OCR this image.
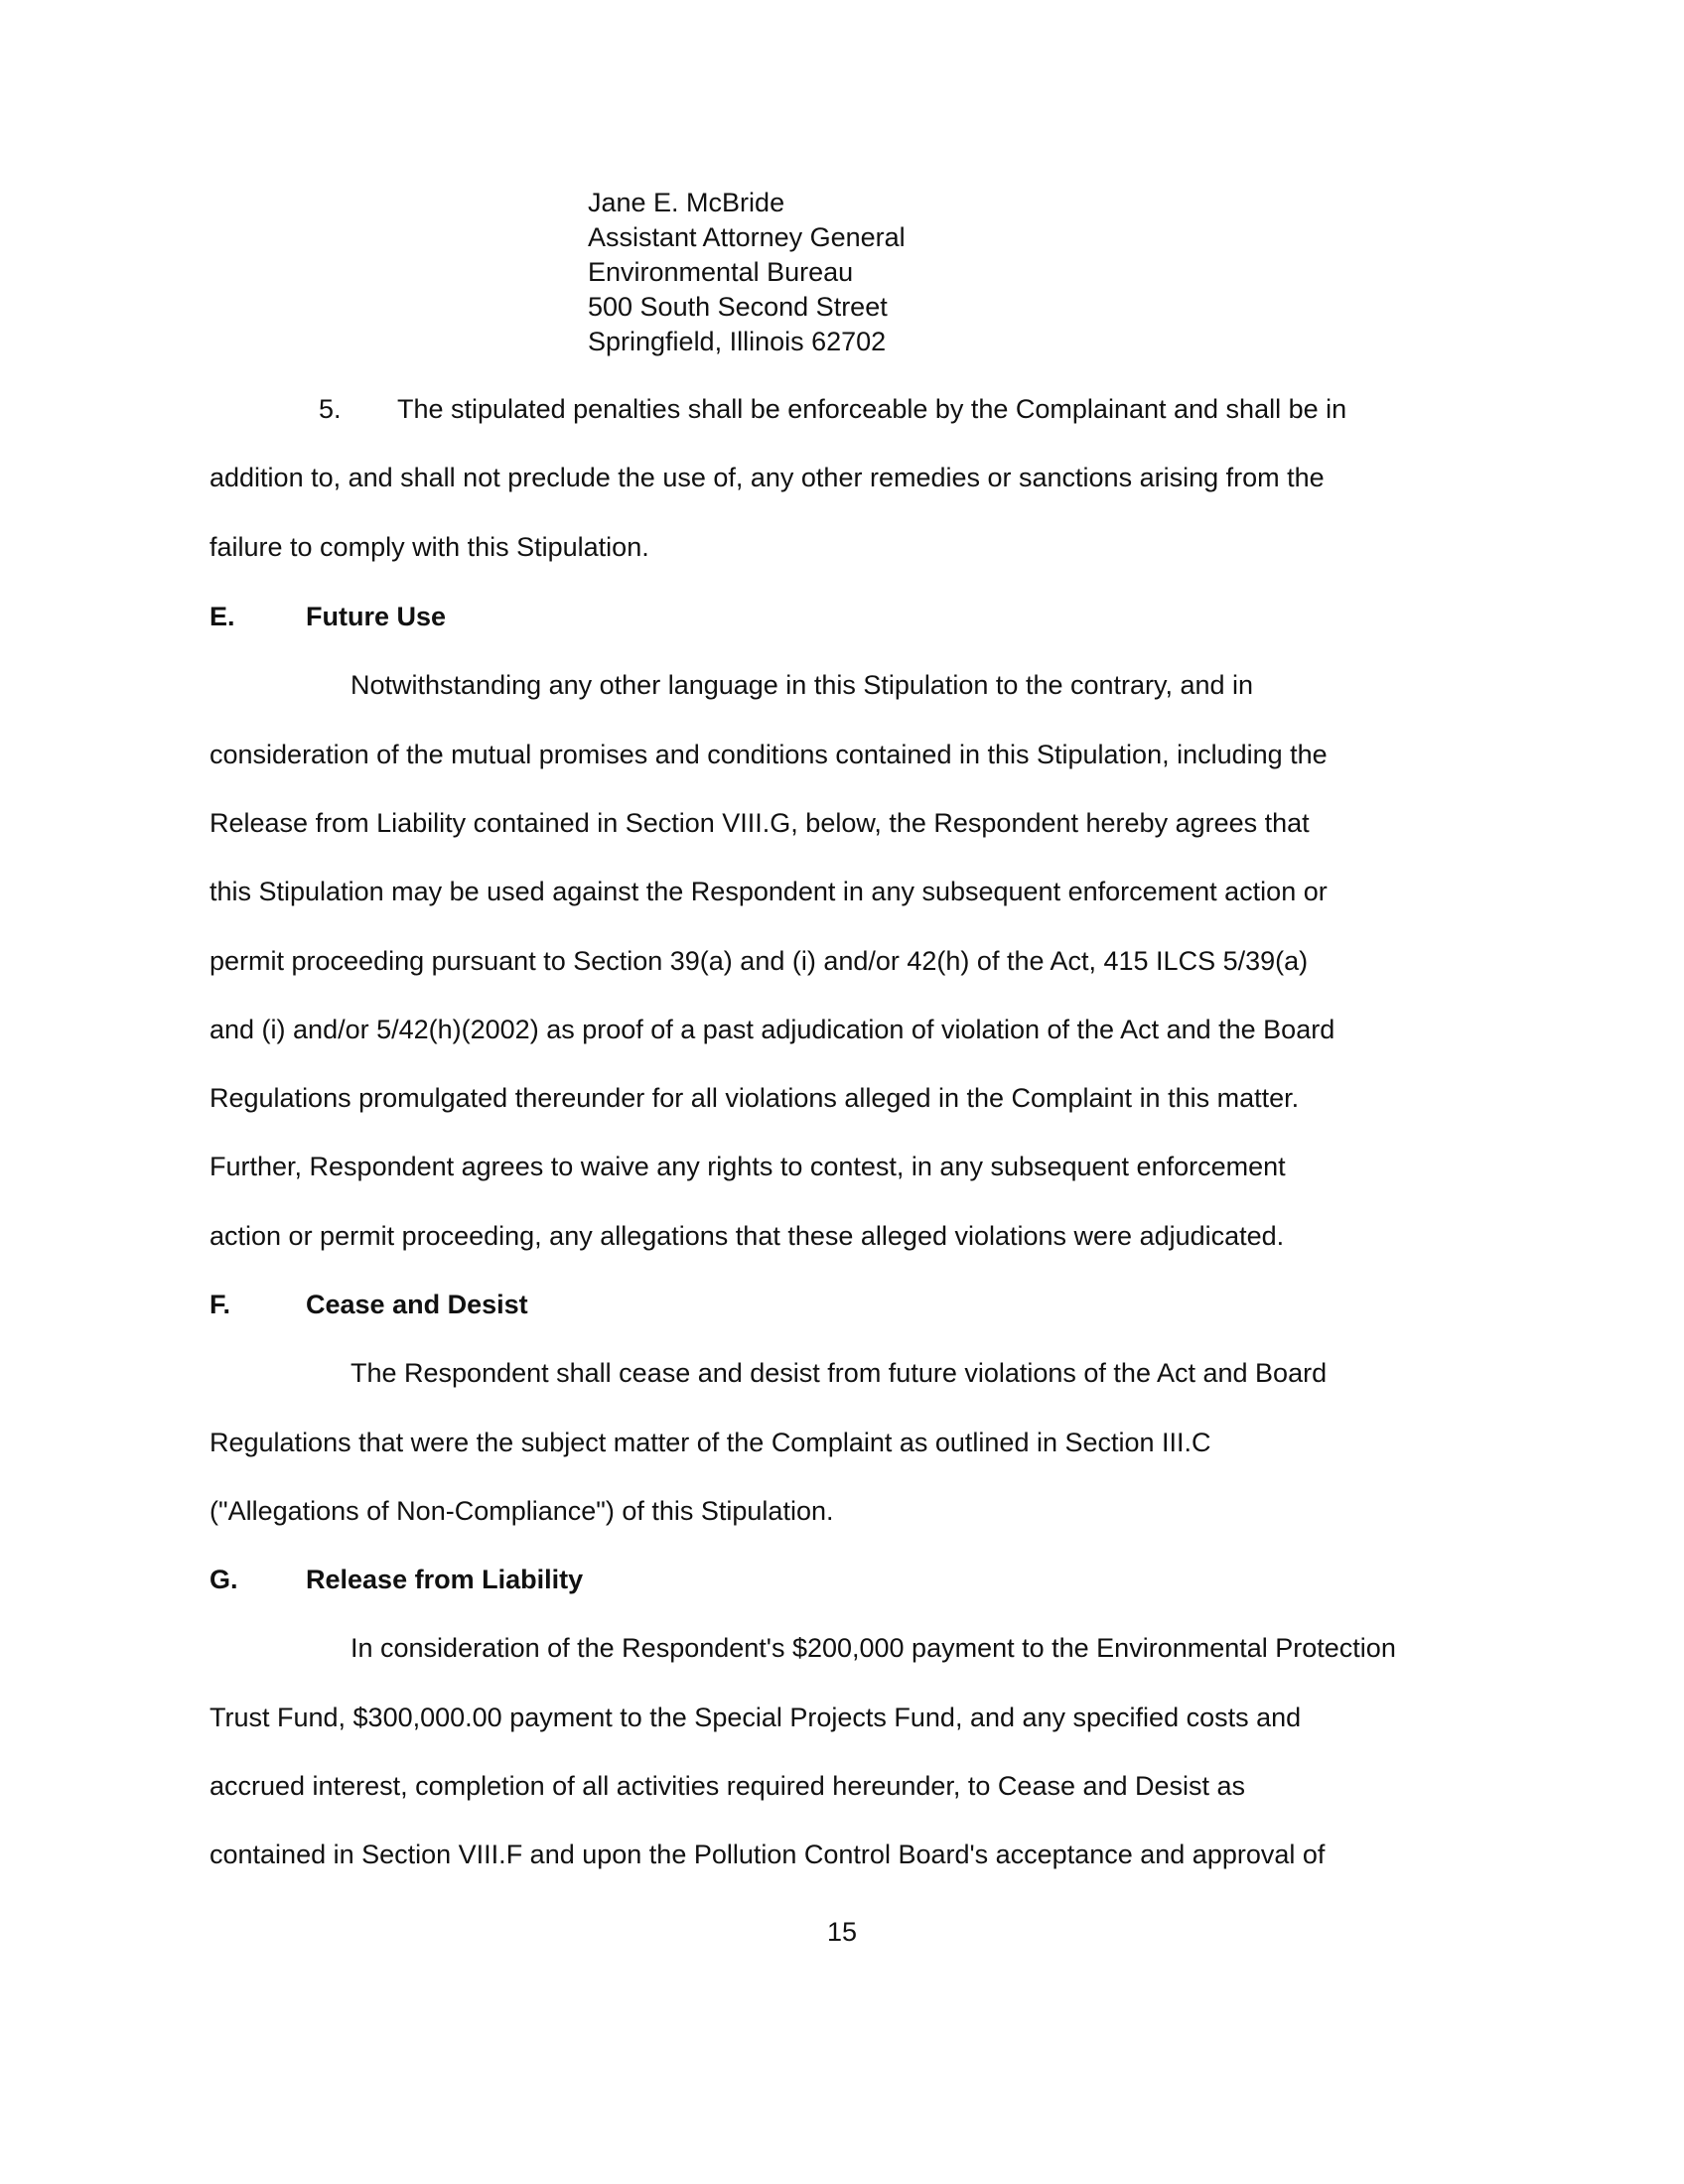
Jane E. McBride
Assistant Attorney General
Environmental Bureau
500 South Second Street
Springfield, Illinois 62702
5. The stipulated penalties shall be enforceable by the Complainant and shall be in
addition to, and shall not preclude the use of, any other remedies or sanctions arising from the
failure to comply with this Stipulation.
E.	Future Use
Notwithstanding any other language in this Stipulation to the contrary, and in
consideration of the mutual promises and conditions contained in this Stipulation, including the
Release from Liability contained in Section VIII.G, below, the Respondent hereby agrees that
this Stipulation may be used against the Respondent in any subsequent enforcement action or
permit proceeding pursuant to Section 39(a) and (i) and/or 42(h) of the Act, 415 ILCS 5/39(a)
and (i) and/or 5/42(h)(2002) as proof of a past adjudication of violation of the Act and the Board
Regulations promulgated thereunder for all violations alleged in the Complaint in this matter.
Further, Respondent agrees to waive any rights to contest, in any subsequent enforcement
action or permit proceeding, any allegations that these alleged violations were adjudicated.
F.	Cease and Desist
The Respondent shall cease and desist from future violations of the Act and Board
Regulations that were the subject matter of the Complaint as outlined in Section III.C
("Allegations of Non-Compliance") of this Stipulation.
G.	Release from Liability
In consideration of the Respondent's $200,000 payment to the Environmental Protection
Trust Fund, $300,000.00 payment to the Special Projects Fund, and any specified costs and
accrued interest, completion of all activities required hereunder, to Cease and Desist as
contained in Section VIII.F and upon the Pollution Control Board's acceptance and approval of
15
